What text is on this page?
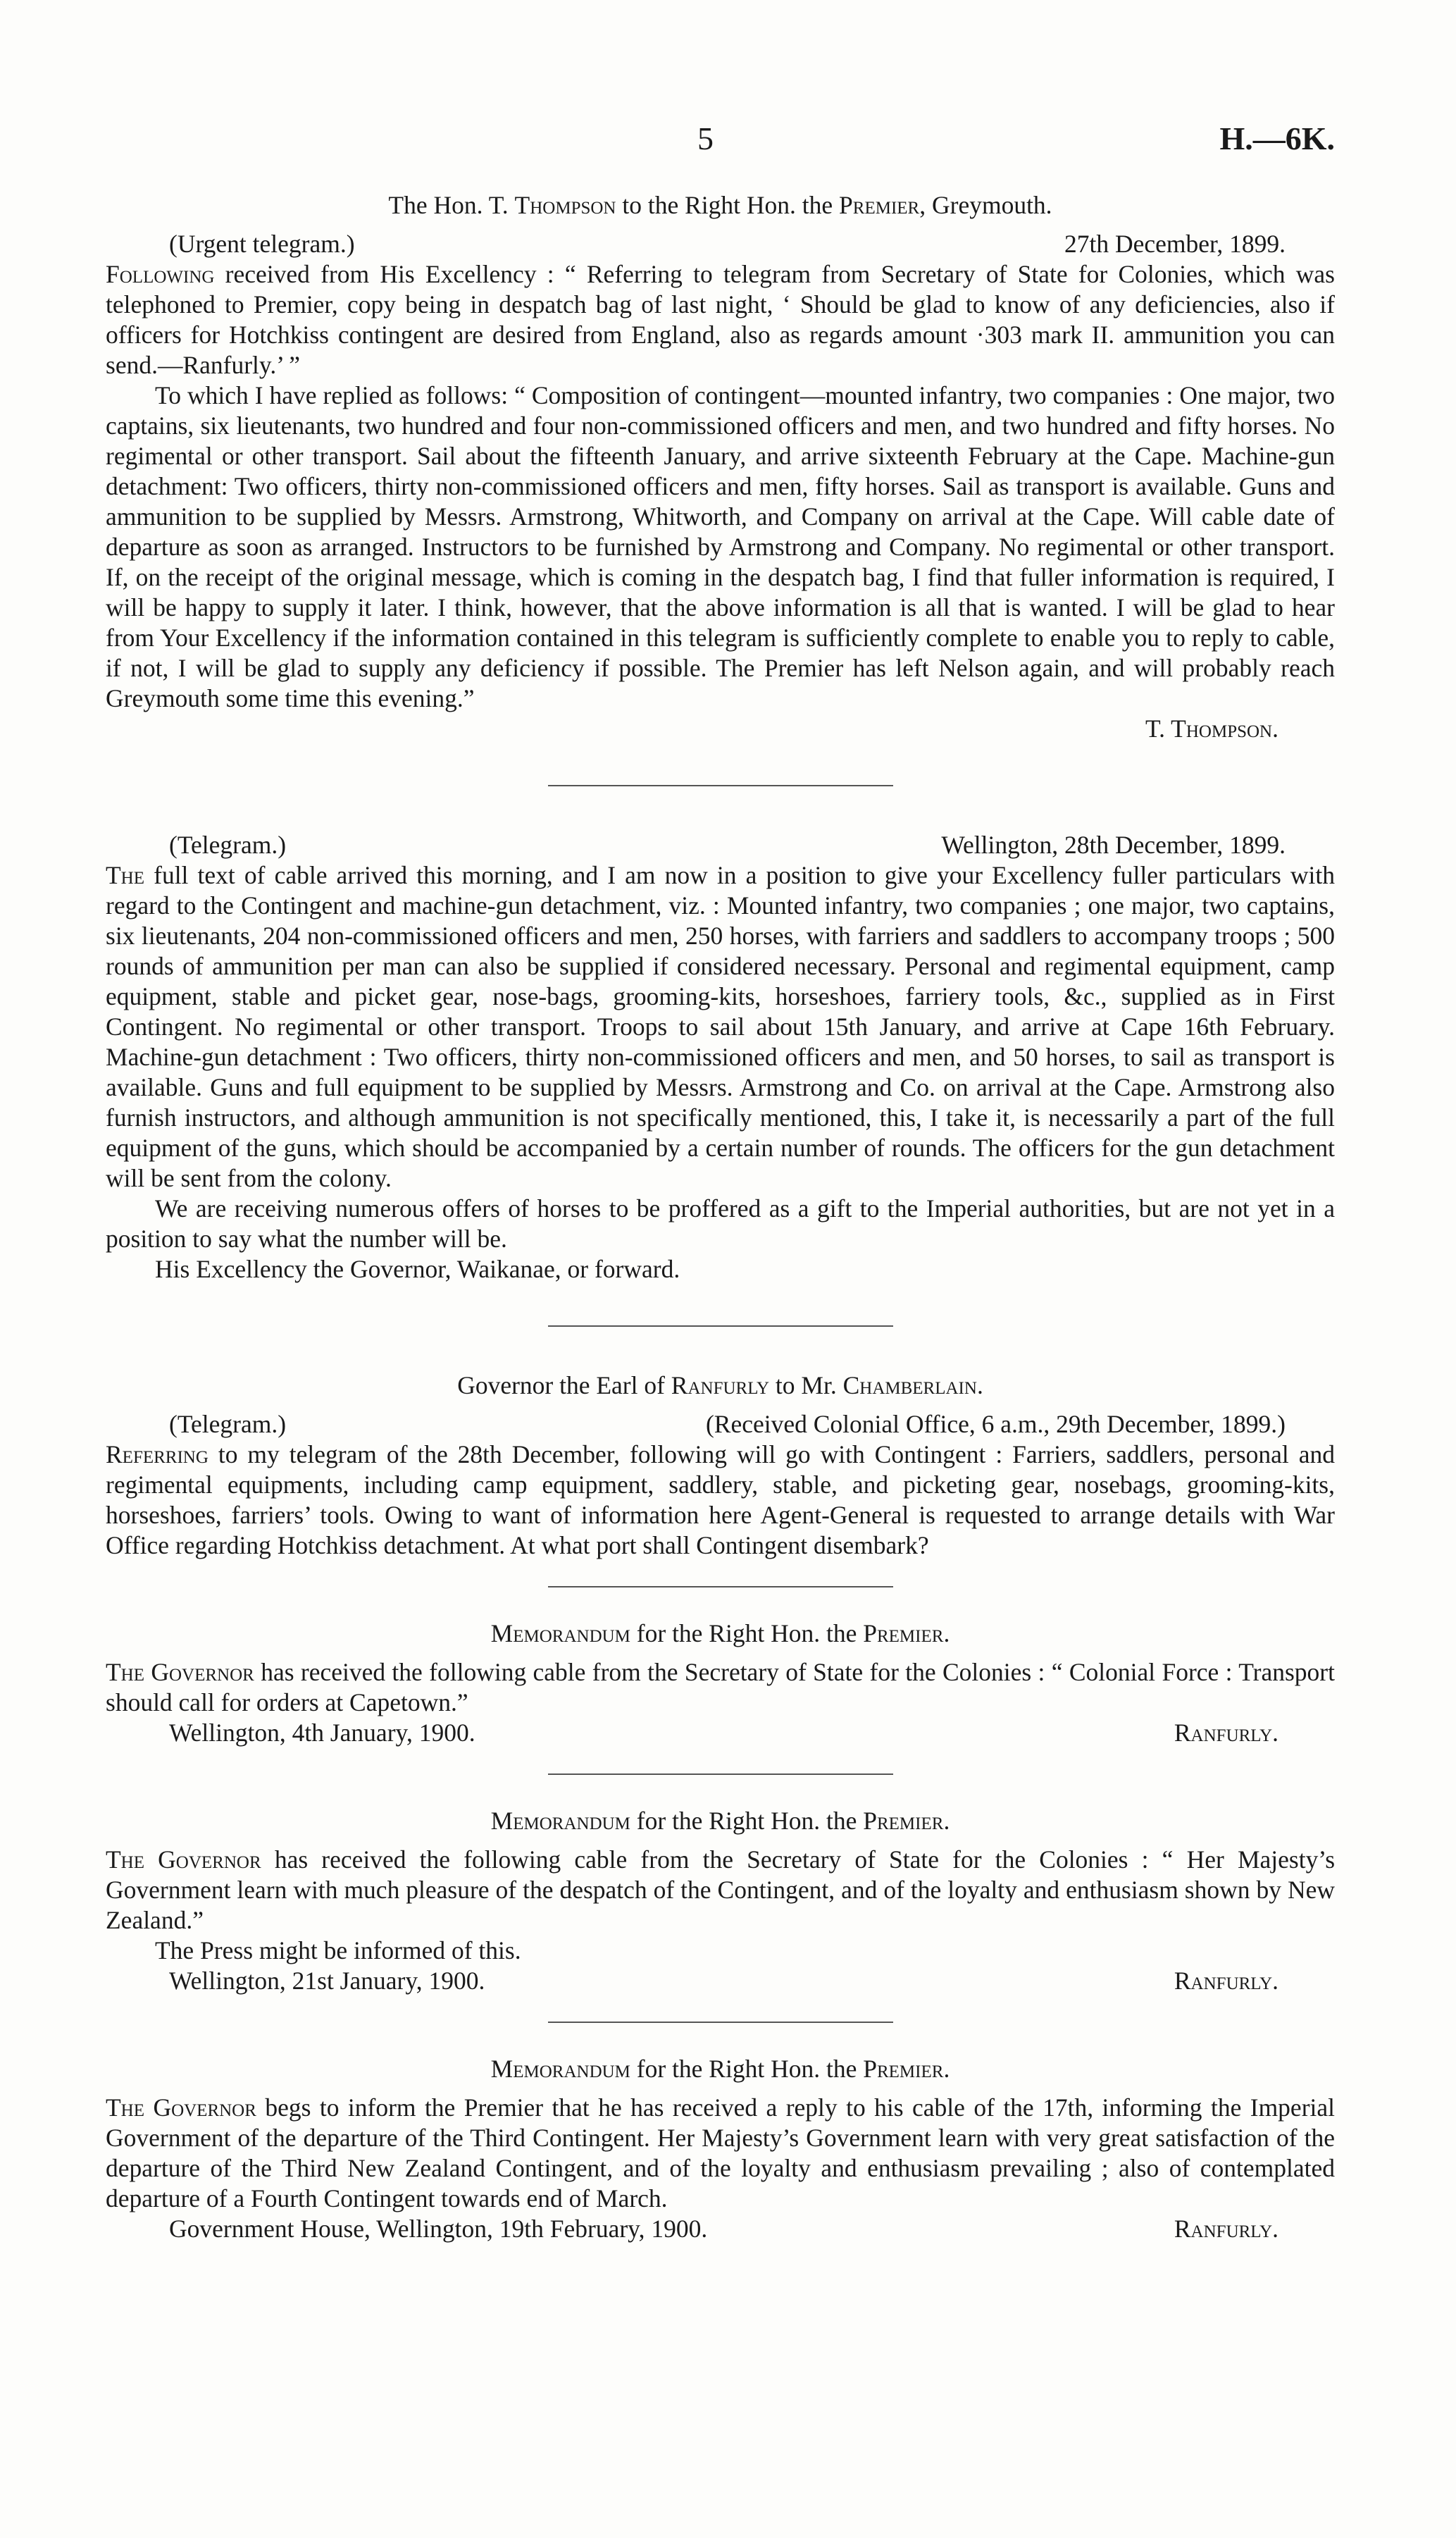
5	H.—6K.
The Hon. T. Thompson to the Right Hon. the Premier, Greymouth.
(Urgent telegram.)	27th December, 1899.

Following received from His Excellency : “ Referring to telegram from Secretary of State for Colonies, which was telephoned to Premier, copy being in despatch bag of last night, ‘ Should be glad to know of any deficiencies, also if officers for Hotchkiss contingent are desired from England, also as regards amount ·303 mark II. ammunition you can send.—Ranfurly.’ ”

To which I have replied as follows: “ Composition of contingent—mounted infantry, two companies : One major, two captains, six lieutenants, two hundred and four non-commissioned officers and men, and two hundred and fifty horses. No regimental or other transport. Sail about the fifteenth January, and arrive sixteenth February at the Cape. Machine-gun detachment: Two officers, thirty non-commissioned officers and men, fifty horses. Sail as transport is available. Guns and ammunition to be supplied by Messrs. Armstrong, Whitworth, and Company on arrival at the Cape. Will cable date of departure as soon as arranged. Instructors to be furnished by Armstrong and Company. No regimental or other transport. If, on the receipt of the original message, which is coming in the despatch bag, I find that fuller information is required, I will be happy to supply it later. I think, however, that the above information is all that is wanted. I will be glad to hear from Your Excellency if the information contained in this telegram is sufficiently complete to enable you to reply to cable, if not, I will be glad to supply any deficiency if possible. The Premier has left Nelson again, and will probably reach Greymouth some time this evening.”

T. Thompson.
(Telegram.)	Wellington, 28th December, 1899.

The full text of cable arrived this morning, and I am now in a position to give your Excellency fuller particulars with regard to the Contingent and machine-gun detachment, viz. : Mounted infantry, two companies ; one major, two captains, six lieutenants, 204 non-commissioned officers and men, 250 horses, with farriers and saddlers to accompany troops ; 500 rounds of ammunition per man can also be supplied if considered necessary. Personal and regimental equipment, camp equipment, stable and picket gear, nose-bags, grooming-kits, horseshoes, farriery tools, &c., supplied as in First Contingent. No regimental or other transport. Troops to sail about 15th January, and arrive at Cape 16th February. Machine-gun detachment : Two officers, thirty non-commissioned officers and men, and 50 horses, to sail as transport is available. Guns and full equipment to be supplied by Messrs. Armstrong and Co. on arrival at the Cape. Armstrong also furnish instructors, and although ammunition is not specifically mentioned, this, I take it, is necessarily a part of the full equipment of the guns, which should be accompanied by a certain number of rounds. The officers for the gun detachment will be sent from the colony.

We are receiving numerous offers of horses to be proffered as a gift to the Imperial authorities, but are not yet in a position to say what the number will be.

His Excellency the Governor, Waikanae, or forward.

Governor the Earl of Ranfurly to Mr. Chamberlain.
(Telegram.)	(Received Colonial Office, 6 a.m., 29th December, 1899.)

Referring to my telegram of the 28th December, following will go with Contingent : Farriers, saddlers, personal and regimental equipments, including camp equipment, saddlery, stable, and picketing gear, nosebags, grooming-kits, horseshoes, farriers’ tools. Owing to want of information here Agent-General is requested to arrange details with War Office regarding Hotchkiss detachment. At what port shall Contingent disembark?

Memorandum for the Right Hon. the Premier.

The Governor has received the following cable from the Secretary of State for the Colonies : “ Colonial Force : Transport should call for orders at Capetown.”

Wellington, 4th January, 1900.	Ranfurly.
Memorandum for the Right Hon. the Premier.

The Governor has received the following cable from the Secretary of State for the Colonies : “ Her Majesty’s Government learn with much pleasure of the despatch of the Contingent, and of the loyalty and enthusiasm shown by New Zealand.”

The Press might be informed of this.

Wellington, 21st January, 1900.	Ranfurly.
Memorandum for the Right Hon. the Premier.

The Governor begs to inform the Premier that he has received a reply to his cable of the 17th, informing the Imperial Government of the departure of the Third Contingent. Her Majesty’s Government learn with very great satisfaction of the departure of the Third New Zealand Contingent, and of the loyalty and enthusiasm prevailing ; also of contemplated departure of a Fourth Contingent towards end of March.

Government House, Wellington, 19th February, 1900.	Ranfurly.
